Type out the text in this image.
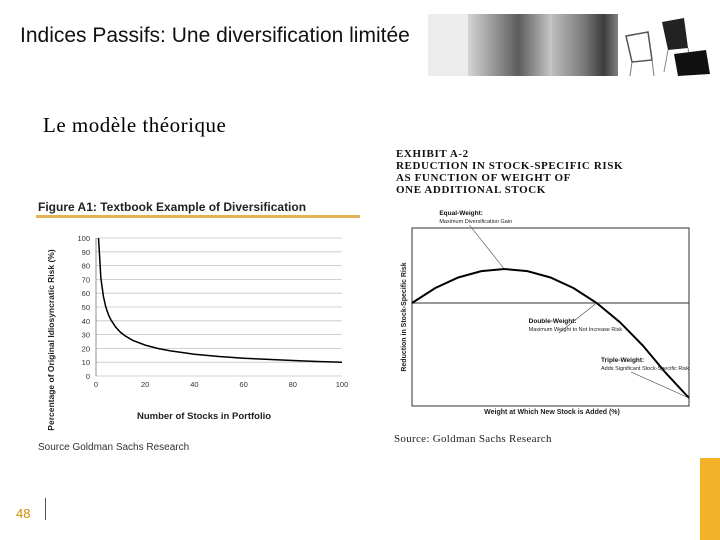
Indices Passifs: Une diversification limitée
Le modèle théorique
Figure A1: Textbook Example of Diversification
0
10
20
30
40
50
60
70
80
90
100
0	20	40	60	80	100
Number of Stocks in Portfolio
Percentage of Original Idiosyncratic Risk (%)
Source Goldman Sachs Research
EXHIBIT A-2
REDUCTION IN STOCK-SPECIFIC RISK
AS FUNCTION OF WEIGHT OF
ONE ADDITIONAL STOCK
Equal-Weight:
Maximum Diversification Gain
Double-Weight:
Maximum Weight to Not Increase Risk
Triple-Weight:
Adds Significant Stock-Specific Risk
Reduction in Stock-Specific Risk
Weight at Which New Stock is Added (%)
Source: Goldman Sachs Research
48
